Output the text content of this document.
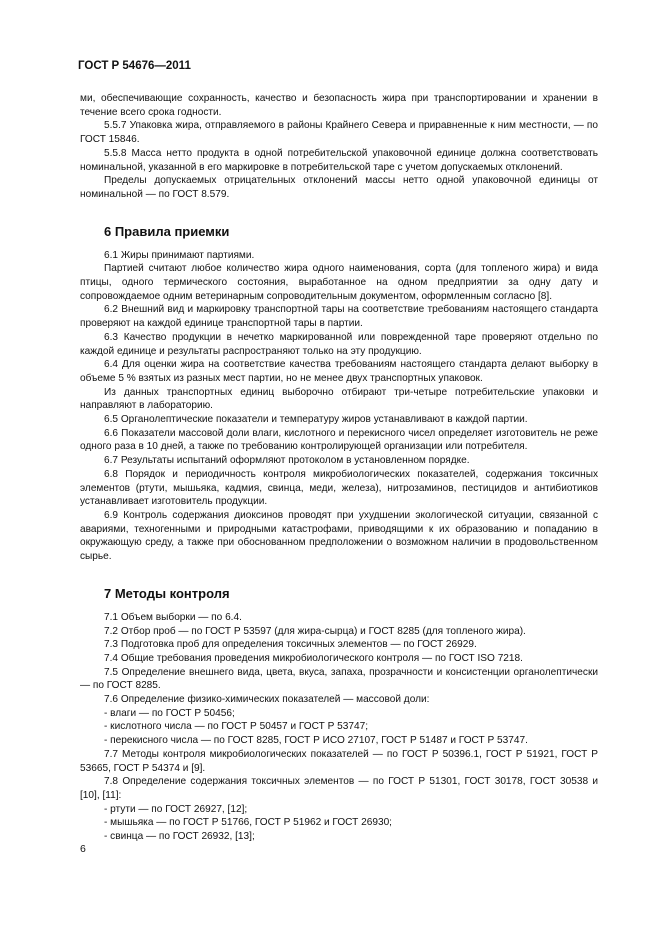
ГОСТ Р 54676—2011

ми, обеспечивающие сохранность, качество и безопасность жира при транспортировании и хранении в течение всего срока годности.

5.5.7 Упаковка жира, отправляемого в районы Крайнего Севера и приравненные к ним местности, — по ГОСТ 15846.

5.5.8 Масса нетто продукта в одной потребительской упаковочной единице должна соответствовать номинальной, указанной в его маркировке в потребительской таре с учетом допускаемых отклонений.

Пределы допускаемых отрицательных отклонений массы нетто одной упаковочной единицы от номинальной — по ГОСТ 8.579.

6 Правила приемки

6.1 Жиры принимают партиями.

Партией считают любое количество жира одного наименования, сорта (для топленого жира) и вида птицы, одного термического состояния, выработанное на одном предприятии за одну дату и сопровождаемое одним ветеринарным сопроводительным документом, оформленным согласно [8].

6.2 Внешний вид и маркировку транспортной тары на соответствие требованиям настоящего стандарта проверяют на каждой единице транспортной тары в партии.

6.3 Качество продукции в нечетко маркированной или поврежденной таре проверяют отдельно по каждой единице и результаты распространяют только на эту продукцию.

6.4 Для оценки жира на соответствие качества требованиям настоящего стандарта делают выборку в объеме 5 % взятых из разных мест партии, но не менее двух транспортных упаковок.

Из данных транспортных единиц выборочно отбирают три-четыре потребительские упаковки и направляют в лабораторию.

6.5 Органолептические показатели и температуру жиров устанавливают в каждой партии.

6.6 Показатели массовой доли влаги, кислотного и перекисного чисел определяет изготовитель не реже одного раза в 10 дней, а также по требованию контролирующей организации или потребителя.

6.7 Результаты испытаний оформляют протоколом в установленном порядке.

6.8 Порядок и периодичность контроля микробиологических показателей, содержания токсичных элементов (ртути, мышьяка, кадмия, свинца, меди, железа), нитрозаминов, пестицидов и антибиотиков устанавливает изготовитель продукции.

6.9 Контроль содержания диоксинов проводят при ухудшении экологической ситуации, связанной с авариями, техногенными и природными катастрофами, приводящими к их образованию и попаданию в окружающую среду, а также при обоснованном предположении о возможном наличии в продовольственном сырье.

7 Методы контроля

7.1 Объем выборки — по 6.4.

7.2 Отбор проб — по ГОСТ Р 53597 (для жира-сырца) и ГОСТ 8285 (для топленого жира).

7.3 Подготовка проб для определения токсичных элементов — по ГОСТ 26929.

7.4 Общие требования проведения микробиологического контроля — по ГОСТ ISO 7218.

7.5 Определение внешнего вида, цвета, вкуса, запаха, прозрачности и консистенции органолептически — по ГОСТ 8285.

7.6 Определение физико-химических показателей — массовой доли:

- влаги — по ГОСТ Р 50456;

- кислотного числа — по ГОСТ Р 50457 и ГОСТ Р 53747;

- перекисного числа — по ГОСТ 8285, ГОСТ Р ИСО 27107, ГОСТ Р 51487 и ГОСТ Р 53747.

7.7 Методы контроля микробиологических показателей — по ГОСТ Р 50396.1, ГОСТ Р 51921, ГОСТ Р 53665, ГОСТ Р 54374 и [9].

7.8 Определение содержания токсичных элементов — по ГОСТ Р 51301, ГОСТ 30178, ГОСТ 30538 и [10], [11]:

- ртути — по ГОСТ 26927, [12];

- мышьяка — по ГОСТ Р 51766, ГОСТ Р 51962 и ГОСТ 26930;

- свинца — по ГОСТ 26932, [13];

6
